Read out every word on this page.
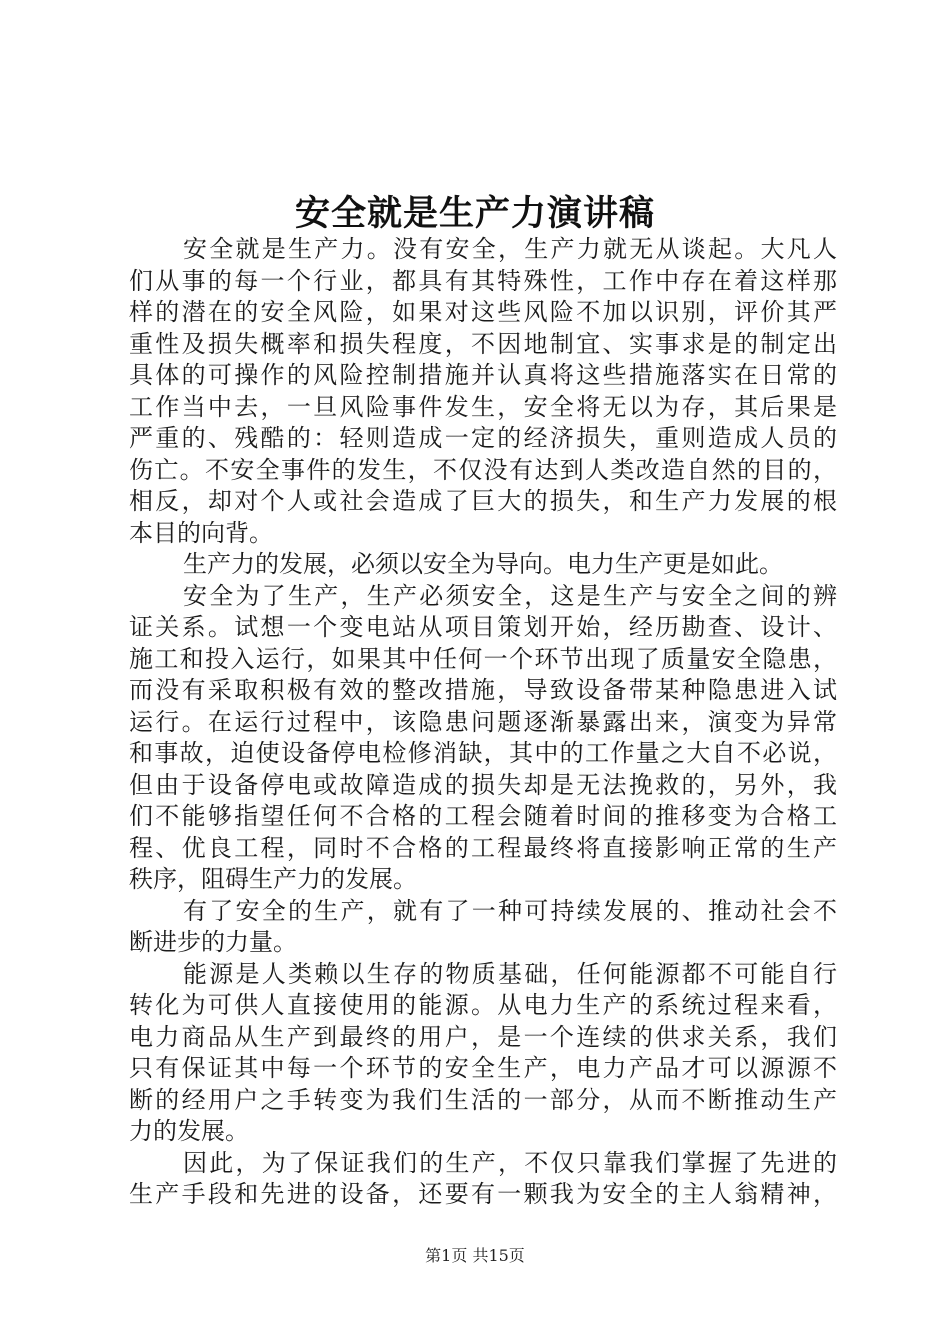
安全就是生产力演讲稿
安全就是生产力。没有安全，生产力就无从谈起。大凡人
们从事的每一个行业，都具有其特殊性，工作中存在着这样那
样的潜在的安全风险，如果对这些风险不加以识别，评价其严
重性及损失概率和损失程度，不因地制宜、实事求是的制定出
具体的可操作的风险控制措施并认真将这些措施落实在日常的
工作当中去，一旦风险事件发生，安全将无以为存，其后果是
严重的、残酷的：轻则造成一定的经济损失，重则造成人员的
伤亡。不安全事件的发生，不仅没有达到人类改造自然的目的，
相反，却对个人或社会造成了巨大的损失，和生产力发展的根
本目的向背。
生产力的发展，必须以安全为导向。电力生产更是如此。
安全为了生产，生产必须安全，这是生产与安全之间的辨
证关系。试想一个变电站从项目策划开始，经历勘查、设计、
施工和投入运行，如果其中任何一个环节出现了质量安全隐患，
而没有采取积极有效的整改措施，导致设备带某种隐患进入试
运行。在运行过程中，该隐患问题逐渐暴露出来，演变为异常
和事故，迫使设备停电检修消缺，其中的工作量之大自不必说，
但由于设备停电或故障造成的损失却是无法挽救的，另外，我
们不能够指望任何不合格的工程会随着时间的推移变为合格工
程、优良工程，同时不合格的工程最终将直接影响正常的生产
秩序，阻碍生产力的发展。
有了安全的生产，就有了一种可持续发展的、推动社会不
断进步的力量。
能源是人类赖以生存的物质基础，任何能源都不可能自行
转化为可供人直接使用的能源。从电力生产的系统过程来看，
电力商品从生产到最终的用户，是一个连续的供求关系，我们
只有保证其中每一个环节的安全生产，电力产品才可以源源不
断的经用户之手转变为我们生活的一部分，从而不断推动生产
力的发展。
因此，为了保证我们的生产，不仅只靠我们掌握了先进的
生产手段和先进的设备，还要有一颗我为安全的主人翁精神，
第1页 共15页
